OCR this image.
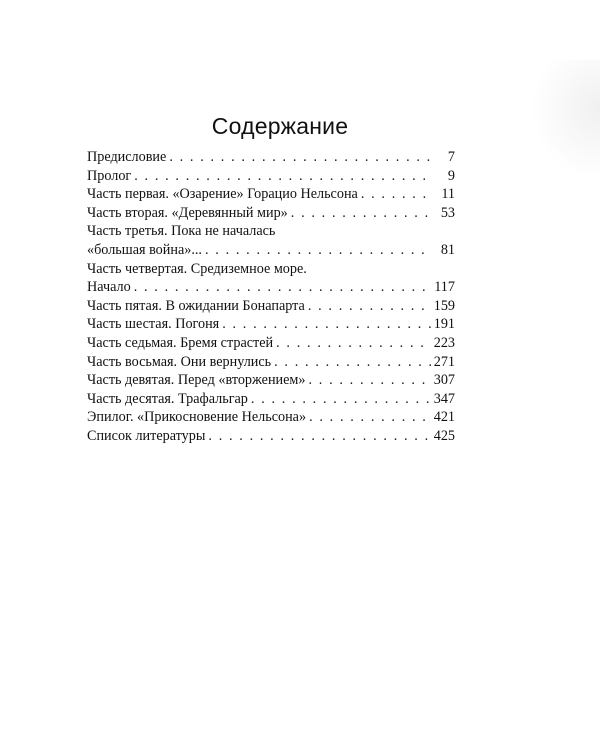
Содержание
Предисловие . . .	7
Пролог . . .	9
Часть первая. «Озарение» Горацио Нельсона . . .	11
Часть вторая. «Деревянный мир» . . .	53
Часть третья. Пока не началась
«большая война»... . . .	81
Часть четвертая. Средиземное море.
Начало . . .	117
Часть пятая. В ожидании Бонапарта . . .	159
Часть шестая. Погоня . . .	191
Часть седьмая. Бремя страстей . . .	223
Часть восьмая. Они вернулись . . .	271
Часть девятая. Перед «вторжением» . . .	307
Часть десятая. Трафальгар . . .	347
Эпилог. «Прикосновение Нельсона» . . .	421
Список литературы . . .	425
